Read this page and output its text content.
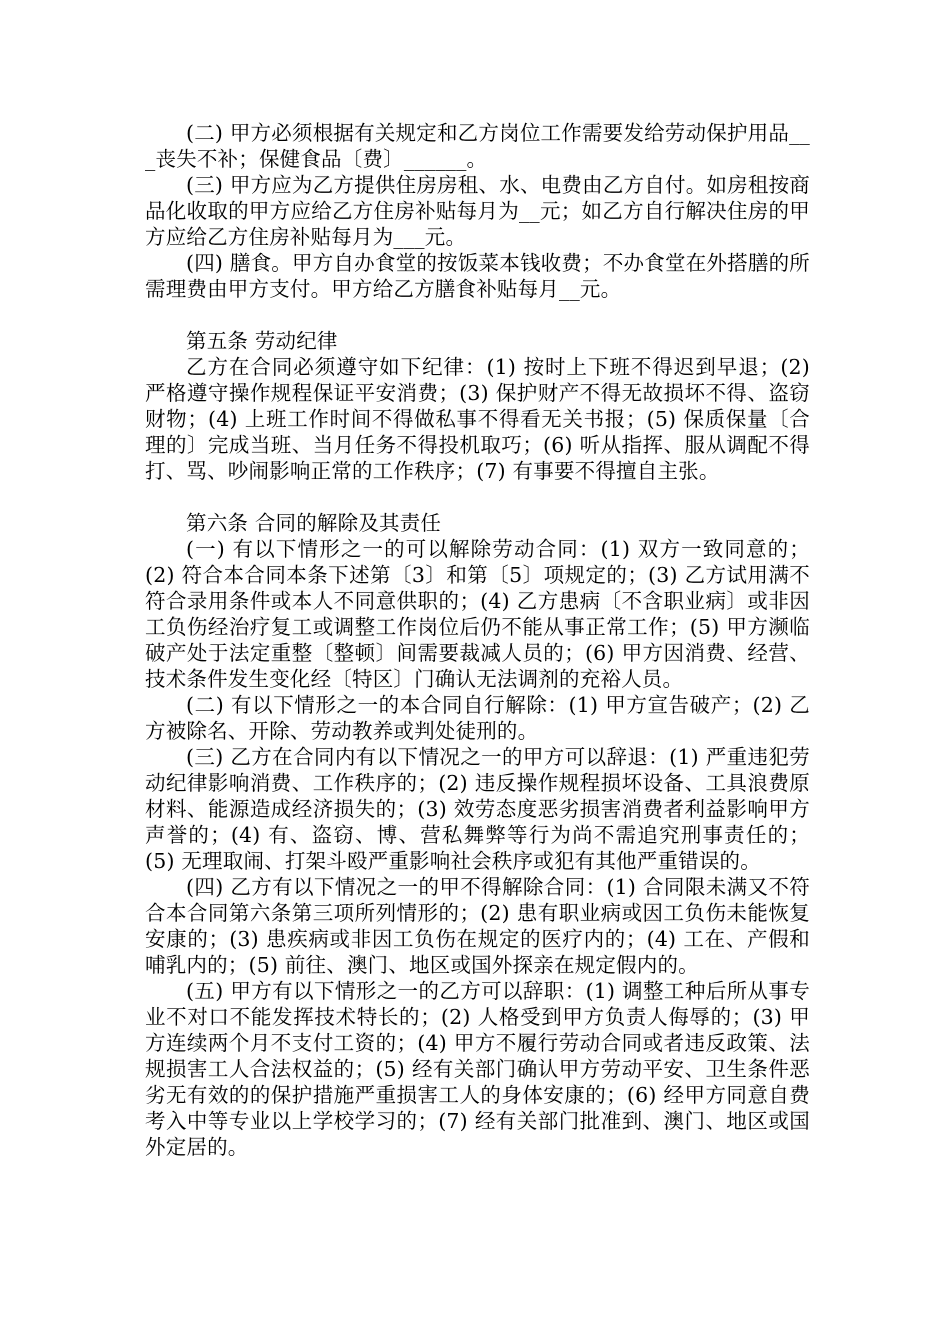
(二) 甲方必须根据有关规定和乙方岗位工作需要发给劳动保护用品___丧失不补；保健食品〔费〕______。

(三) 甲方应为乙方提供住房房租、水、电费由乙方自付。如房租按商品化收取的甲方应给乙方住房补贴每月为__元；如乙方自行解决住房的甲方应给乙方住房补贴每月为___元。

(四) 膳食。甲方自办食堂的按饭菜本钱收费；不办食堂在外搭膳的所需理费由甲方支付。甲方给乙方膳食补贴每月__元。

第五条 劳动纪律

乙方在合同必须遵守如下纪律：(1) 按时上下班不得迟到早退；(2) 严格遵守操作规程保证平安消费；(3) 保护财产不得无故损坏不得、盗窃财物；(4) 上班工作时间不得做私事不得看无关书报；(5) 保质保量〔合理的〕完成当班、当月任务不得投机取巧；(6) 听从指挥、服从调配不得打、骂、吵闹影响正常的工作秩序；(7) 有事要不得擅自主张。

第六条 合同的解除及其责任

(一) 有以下情形之一的可以解除劳动合同：(1) 双方一致同意的；(2) 符合本合同本条下述第〔3〕和第〔5〕项规定的；(3) 乙方试用满不符合录用条件或本人不同意供职的；(4) 乙方患病〔不含职业病〕或非因工负伤经治疗复工或调整工作岗位后仍不能从事正常工作；(5) 甲方濒临破产处于法定重整〔整顿〕间需要裁减人员的；(6) 甲方因消费、经营、技术条件发生变化经〔特区〕门确认无法调剂的充裕人员。

(二) 有以下情形之一的本合同自行解除：(1) 甲方宣告破产；(2) 乙方被除名、开除、劳动教养或判处徒刑的。

(三) 乙方在合同内有以下情况之一的甲方可以辞退：(1) 严重违犯劳动纪律影响消费、工作秩序的；(2) 违反操作规程损坏设备、工具浪费原材料、能源造成经济损失的；(3) 效劳态度恶劣损害消费者利益影响甲方声誉的；(4) 有、盗窃、博、营私舞弊等行为尚不需追究刑事责任的；(5) 无理取闹、打架斗殴严重影响社会秩序或犯有其他严重错误的。

(四) 乙方有以下情况之一的甲不得解除合同：(1) 合同限未满又不符合本合同第六条第三项所列情形的；(2) 患有职业病或因工负伤未能恢复安康的；(3) 患疾病或非因工负伤在规定的医疗内的；(4) 工在、产假和哺乳内的；(5) 前往、澳门、地区或国外探亲在规定假内的。

(五) 甲方有以下情形之一的乙方可以辞职：(1) 调整工种后所从事专业不对口不能发挥技术特长的；(2) 人格受到甲方负责人侮辱的；(3) 甲方连续两个月不支付工资的；(4) 甲方不履行劳动合同或者违反政策、法规损害工人合法权益的；(5) 经有关部门确认甲方劳动平安、卫生条件恶劣无有效的的保护措施严重损害工人的身体安康的；(6) 经甲方同意自费考入中等专业以上学校学习的；(7) 经有关部门批准到、澳门、地区或国外定居的。
